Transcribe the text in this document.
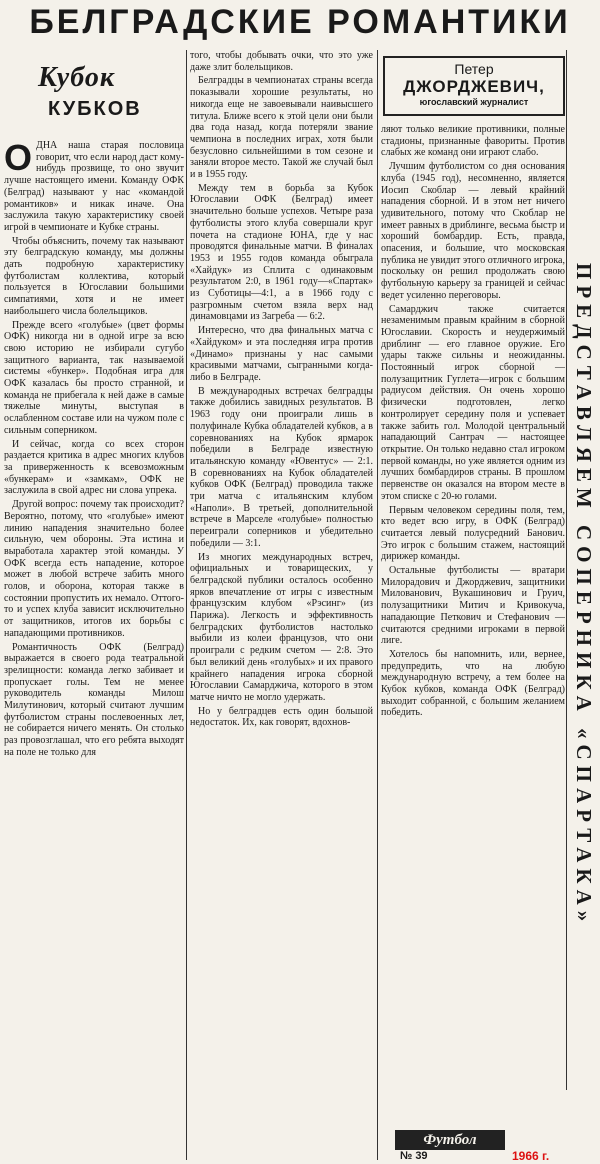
БЕЛГРАДСКИЕ РОМАНТИКИ
Кубок
КУБКОВ

ОДНА наша старая пословица говорит, что если народ даст кому-нибудь прозвище, то оно звучит лучше настоящего имени. Команду ОФК (Белград) называют у нас «командой романтиков» и никак иначе. Она заслужила такую характеристику своей игрой в чемпионате и Кубке страны.

Чтобы объяснить, почему так называют эту белградскую команду, мы должны дать подробную характеристику футболистам коллектива, который пользуется в Югославии большими симпатиями, хотя и не имеет наибольшего числа болельщиков.

Прежде всего «голубые» (цвет формы ОФК) никогда ни в одной игре за всю свою историю не избирали сугубо защитного варианта, так называемой системы «бункер». Подобная игра для ОФК казалась бы просто странной, и команда не прибегала к ней даже в самые тяжелые минуты, выступая в ослабленном составе или на чужом поле с сильным соперником.

И сейчас, когда со всех сторон раздается критика в адрес многих клубов за приверженность к всевозможным «бункерам» и «замкам», ОФК не заслужила в свой адрес ни слова упрека.

Другой вопрос: почему так происходит? Вероятно, потому, что «голубые» имеют линию нападения значительно более сильную, чем обороны. Эта истина и выработала характер этой команды. У ОФК всегда есть нападение, которое может в любой встрече забить много голов, и оборона, которая также в состоянии пропустить их немало. Оттого-то и успех клуба зависит исключительно от защитников, итогов их борьбы с нападающими противников.

Романтичность ОФК (Белград) выражается в своего рода театральной зрелищности: команда легко забивает и пропускает голы. Тем не менее руководитель команды Милош Милутинович, который считают лучшим футболистом страны послевоенных лет, не собирается ничего менять. Он столько раз провозглашал, что его ребята выходят на поле не только для

того, чтобы добывать очки, что это уже даже злит болельщиков.

Белградцы в чемпионатах страны всегда показывали хорошие результаты, но никогда еще не завоевывали наивысшего титула. Ближе всего к этой цели они были два года назад, когда потеряли звание чемпиона в последних играх, хотя были безусловно сильнейшими в том сезоне и заняли второе место. Такой же случай был и в 1955 году.

Между тем в борьба за Кубок Югославии ОФК (Белград) имеет значительно больше успехов. Четыре раза футболисты этого клуба совершали круг почета на стадионе ЮНА, где у нас проводятся финальные матчи. В финалах 1953 и 1955 годов команда обыграла «Хайдук» из Сплита с одинаковым результатом 2:0, в 1961 году—«Спартак» из Суботицы—4:1, а в 1966 году с разгромным счетом взяла верх над динамовцами из Загреба — 6:2.

Интересно, что два финальных матча с «Хайдуком» и эта последняя игра против «Динамо» признаны у нас самыми красивыми матчами, сыгранными когда-либо в Белграде.

В международных встречах белградцы также добились завидных результатов. В 1963 году они проиграли лишь в полуфинале Кубка обладателей кубков, а в соревнованиях на Кубок ярмарок победили в Белграде известную итальянскую команду «Ювентус» — 2:1. В соревнованиях на Кубок обладателей кубков ОФК (Белград) проводила также три матча с итальянским клубом «Наполи». В третьей, дополнительной встрече в Марселе «голубые» полностью переиграли соперников и убедительно победили — 3:1.

Из многих международных встреч, официальных и товарищеских, у белградской публики осталось особенно ярков впечатление от игры с известным французским клубом «Рэсинг» (из Парижа). Легкость и эффективность белградских футболистов настолько выбили из колеи французов, что они проиграли с редким счетом — 2:8. Это был великий день «голубых» и их правого крайнего нападения игрока сборной Югославии Самарджича, которого в этом матче ничто не могло удержать.

Но у белградцев есть один большой недостаток. Их, как говорят, вдохнов-

Петер
ДЖОРДЖЕВИЧ,
югославский журналист

ляют только великие противники, полные стадионы, признанные фавориты. Против слабых же команд они играют слабо.

Лучшим футболистом со дня основания клуба (1945 год), несомненно, является Иосип Скоблар — левый крайний нападения сборной. И в этом нет ничего удивительного, потому что Скоблар не имеет равных в дриблинге, весьма быстр и хороший бомбардир. Есть, правда, опасения, и большие, что московская публика не увидит этого отличного игрока, поскольку он решил продолжать свою футбольную карьеру за границей и сейчас ведет усиленно переговоры.

Самарджич также считается незаменимым правым крайним в сборной Югославии. Скорость и неудержимый дриблинг — его главное оружие. Его удары также сильны и неожиданны. Постоянный игрок сборной — полузащитник Гуглета—игрок с большим радиусом действия. Он очень хорошо физически подготовлен, легко контролирует середину поля и успевает также забить гол. Молодой центральный нападающий Сантрач — настоящее открытие. Он только недавно стал игроком первой команды, но уже является одним из лучших бомбардиров страны. В прошлом первенстве он оказался на втором месте в этом списке с 20-ю голами.

Первым человеком середины поля, тем, кто ведет всю игру, в ОФК (Белград) считается левый полусредний Банович. Это игрок с большим стажем, настоящий дирижер команды.

Остальные футболисты — вратари Милорадович и Джорджевич, защитники Милованович, Вукашинович и Груич, полузащитники Митич и Кривокуча, нападающие Петкович и Стефанович — считаются средними игроками в первой лиге.

Хотелось бы напомнить, или, вернее, предупредить, что на любую международную встречу, а тем более на Кубок кубков, команда ОФК (Белград) выходит собранной, с большим желанием победить.	ПРЕДСТАВЛЯЕМ СОПЕРНИКА «СПАРТАКА»
Футбол
№ 39	1966 г.
